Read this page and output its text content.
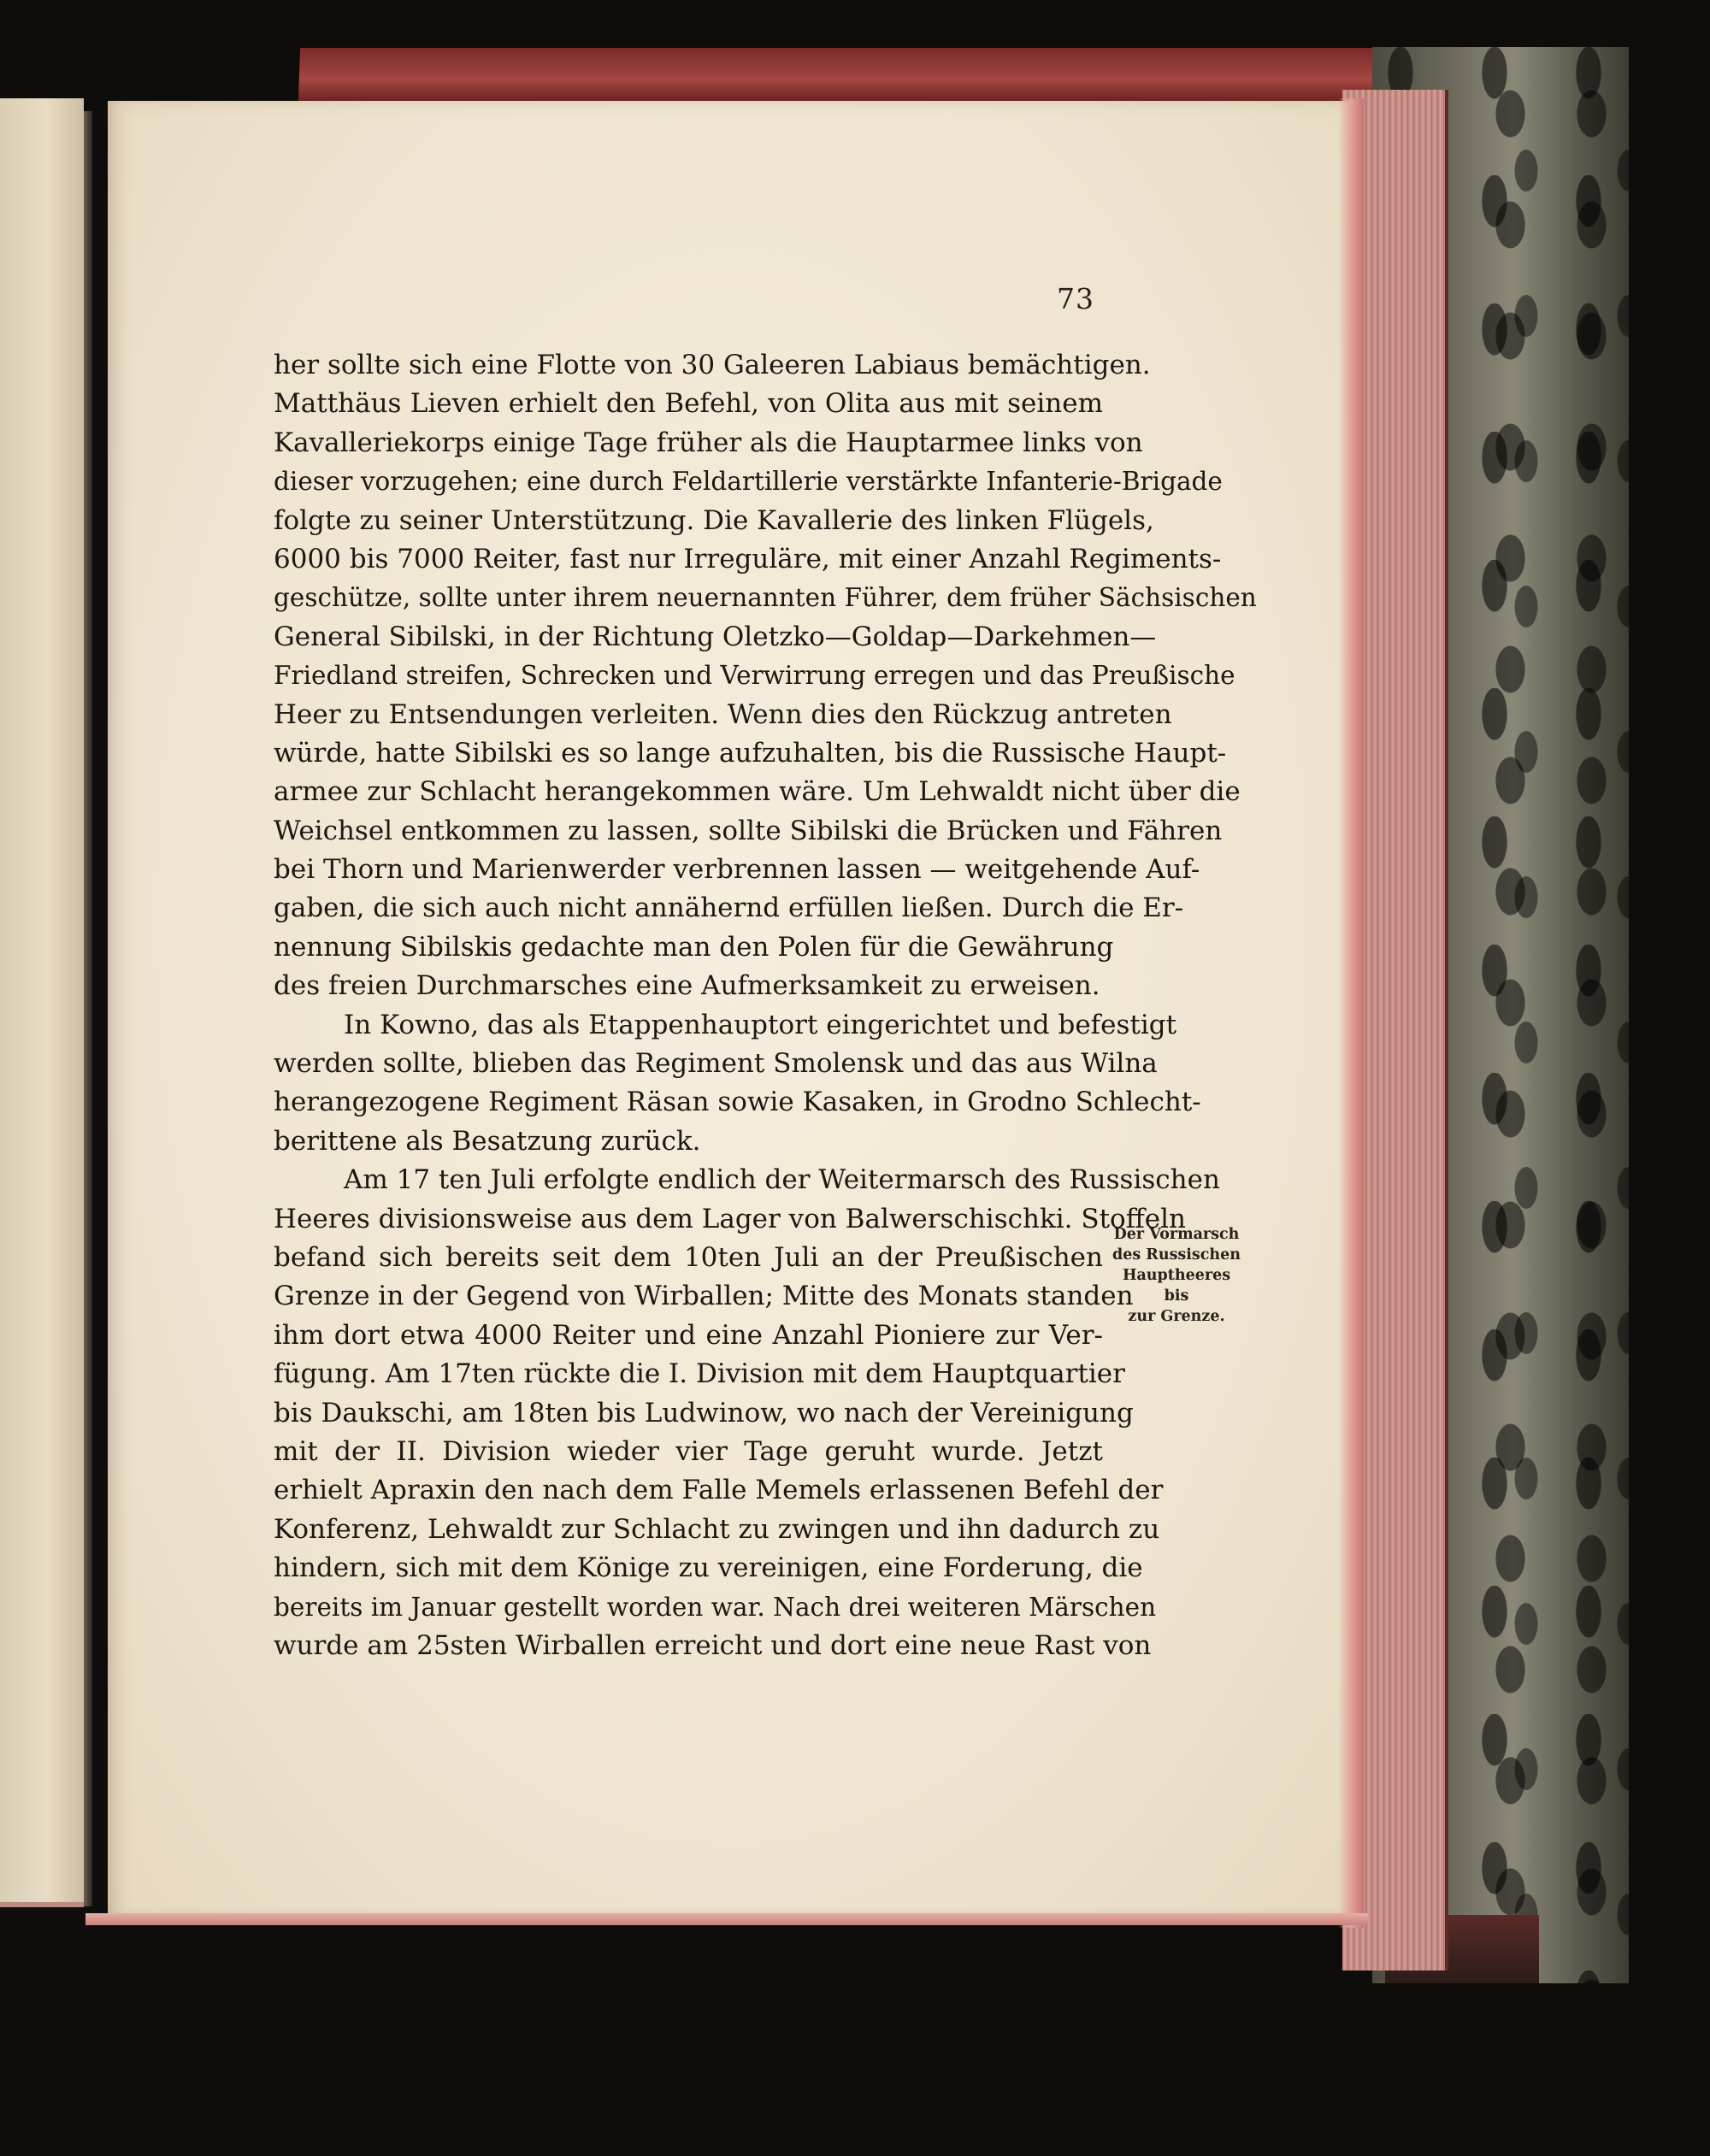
73
her sollte sich eine Flotte von 30 Galeeren Labiaus bemächtigen.
Matthäus Lieven erhielt den Befehl, von Olita aus mit seinem
Kavalleriekorps einige Tage früher als die Hauptarmee links von
dieser vorzugehen; eine durch Feldartillerie verstärkte Infanterie-Brigade
folgte zu seiner Unterstützung. Die Kavallerie des linken Flügels,
6000 bis 7000 Reiter, fast nur Irreguläre, mit einer Anzahl Regiments-
geschütze, sollte unter ihrem neuernannten Führer, dem früher Sächsischen
General Sibilski, in der Richtung Oletzko—Goldap—Darkehmen—
Friedland streifen, Schrecken und Verwirrung erregen und das Preußische
Heer zu Entsendungen verleiten. Wenn dies den Rückzug antreten
würde, hatte Sibilski es so lange aufzuhalten, bis die Russische Haupt-
armee zur Schlacht herangekommen wäre. Um Lehwaldt nicht über die
Weichsel entkommen zu lassen, sollte Sibilski die Brücken und Fähren
bei Thorn und Marienwerder verbrennen lassen — weitgehende Auf-
gaben, die sich auch nicht annähernd erfüllen ließen. Durch die Er-
nennung Sibilskis gedachte man den Polen für die Gewährung
des freien Durchmarsches eine Aufmerksamkeit zu erweisen.
In Kowno, das als Etappenhauptort eingerichtet und befestigt
werden sollte, blieben das Regiment Smolensk und das aus Wilna
herangezogene Regiment Räsan sowie Kasaken, in Grodno Schlecht-
berittene als Besatzung zurück.
Am 17 ten Juli erfolgte endlich der Weitermarsch des Russischen
Heeres divisionsweise aus dem Lager von Balwerschischki. Stoffeln
befand sich bereits seit dem 10ten Juli an der Preußischen
Grenze in der Gegend von Wirballen; Mitte des Monats standen
ihm dort etwa 4000 Reiter und eine Anzahl Pioniere zur Ver-
fügung. Am 17ten rückte die I. Division mit dem Hauptquartier
bis Daukschi, am 18ten bis Ludwinow, wo nach der Vereinigung
mit der II. Division wieder vier Tage geruht wurde. Jetzt
erhielt Apraxin den nach dem Falle Memels erlassenen Befehl der
Konferenz, Lehwaldt zur Schlacht zu zwingen und ihn dadurch zu
hindern, sich mit dem Könige zu vereinigen, eine Forderung, die
bereits im Januar gestellt worden war. Nach drei weiteren Märschen
wurde am 25sten Wirballen erreicht und dort eine neue Rast von
Der Vormarsch
des Russischen
Hauptheeres bis
zur Grenze.
